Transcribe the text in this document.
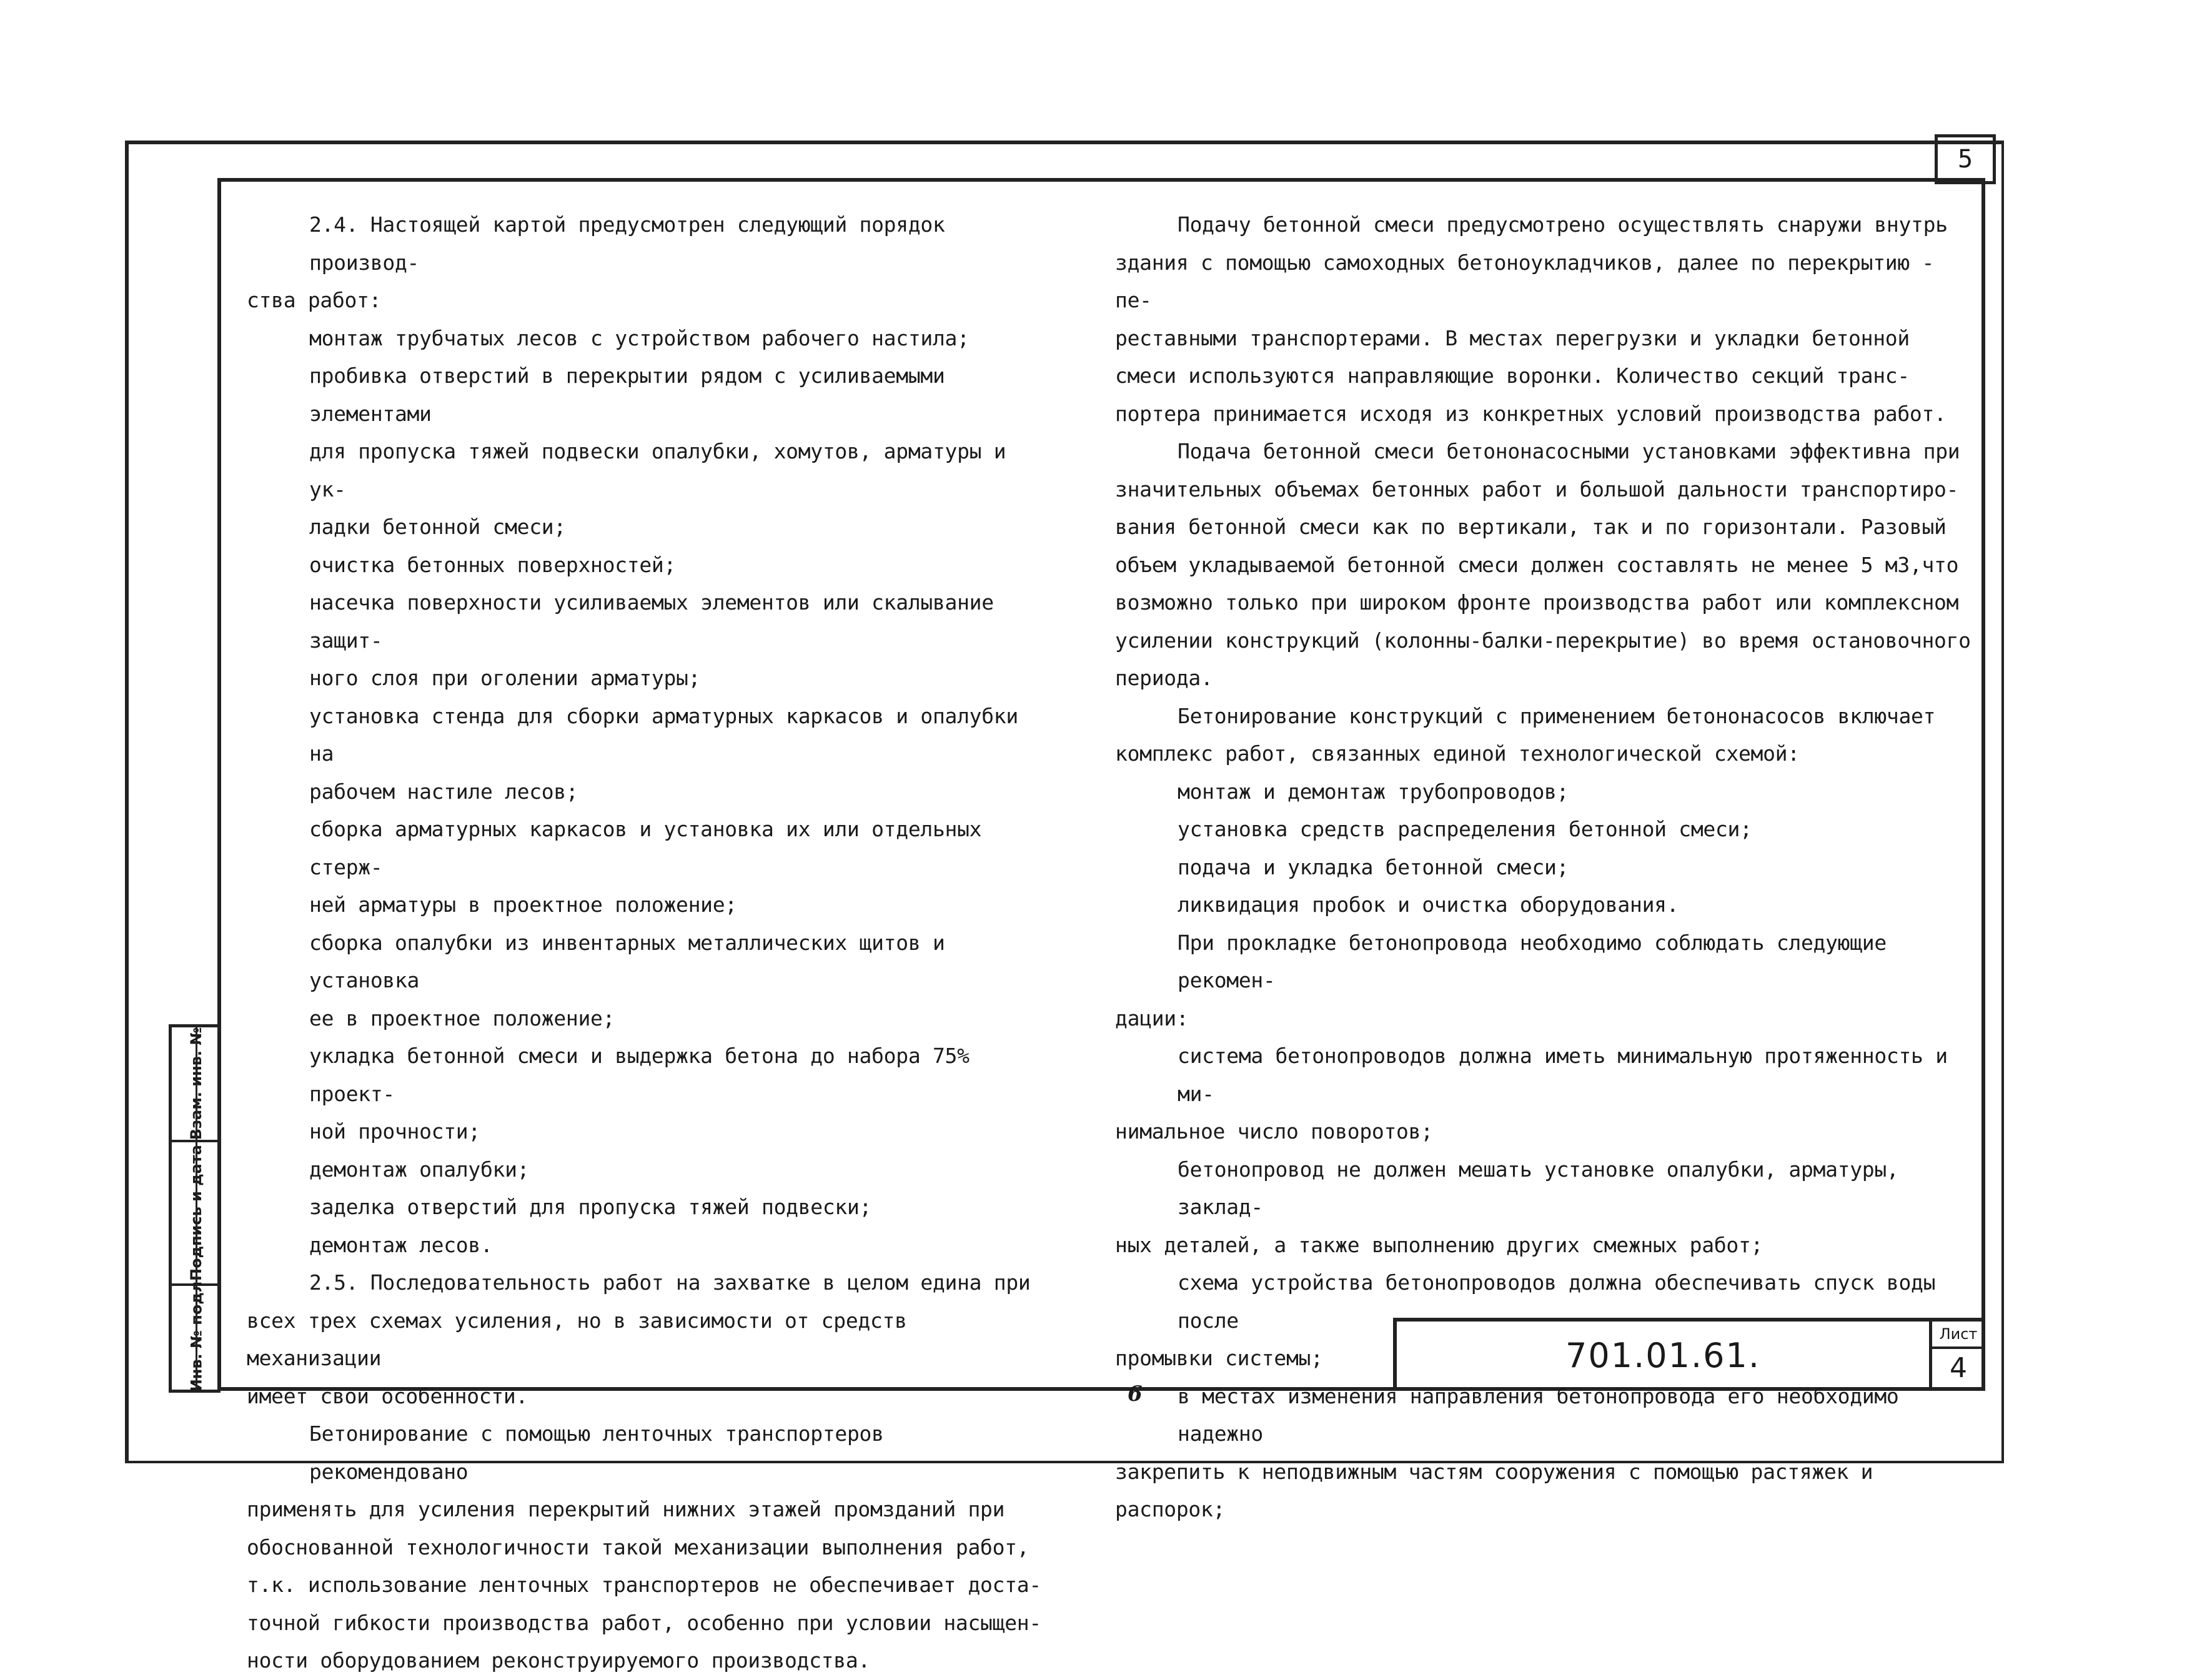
5

2.4. Настоящей картой предусмотрен следующий порядок производ-

ства работ:

монтаж трубчатых лесов с устройством рабочего настила;

пробивка отверстий в перекрытии рядом с усиливаемыми элементами

для пропуска тяжей подвески опалубки, хомутов, арматуры и ук-

ладки бетонной смеси;

очистка бетонных поверхностей;

насечка поверхности усиливаемых элементов или скалывание защит-

ного слоя при оголении арматуры;

установка стенда для сборки арматурных каркасов и опалубки на

рабочем настиле лесов;

сборка арматурных каркасов и установка их или отдельных стерж-

ней арматуры в проектное положение;

сборка опалубки из инвентарных металлических щитов и установка

ее в проектное положение;

укладка бетонной смеси и выдержка бетона до набора 75% проект-

ной прочности;

демонтаж опалубки;

заделка отверстий для пропуска тяжей подвески;

демонтаж лесов.

2.5. Последовательность работ на захватке в целом едина при

всех трех схемах усиления, но в зависимости от средств механизации

имеет свои особенности.

Бетонирование с помощью ленточных транспортеров рекомендовано

применять для усиления перекрытий нижних этажей промзданий при

обоснованной технологичности такой механизации выполнения работ,

т.к. использование ленточных транспортеров не обеспечивает доста-

точной гибкости производства работ, особенно при условии насыщен-

ности оборудованием реконструируемого производства.

Подачу бетонной смеси предусмотрено осуществлять снаружи внутрь

здания с помощью самоходных бетоноукладчиков, далее по перекрытию - пе-

реставными транспортерами. В местах перегрузки и укладки бетонной

смеси используются направляющие воронки. Количество секций транс-

портера принимается исходя из конкретных условий производства работ.

Подача бетонной смеси бетононасосными установками эффективна при

значительных объемах бетонных работ и большой дальности транспортиро-

вания бетонной смеси как по вертикали, так и по горизонтали. Разовый

объем укладываемой бетонной смеси должен составлять не менее 5 м3,что

возможно только при широком фронте производства работ или комплексном

усилении конструкций (колонны-балки-перекрытие) во время остановочного

периода.

Бетонирование конструкций с применением бетононасосов включает

комплекс работ, связанных единой технологической схемой:

монтаж и демонтаж трубопроводов;

установка средств распределения бетонной смеси;

подача и укладка бетонной смеси;

ликвидация пробок и очистка оборудования.

При прокладке бетонопровода необходимо соблюдать следующие рекомен-

дации:

система бетонопроводов должна иметь минимальную протяженность и ми-

нимальное число поворотов;

бетонопровод не должен мешать установке опалубки, арматуры, заклад-

ных деталей, а также выполнению других смежных работ;

схема устройства бетонопроводов должна обеспечивать спуск воды после

промывки системы;

в местах изменения направления бетонопровода его необходимо надежно

закрепить к неподвижным частям сооружения с помощью растяжек и распорок;

Взам. инв. №
Подпись и дата
Инв. № подл	701.01.61.
Лист
4
6
